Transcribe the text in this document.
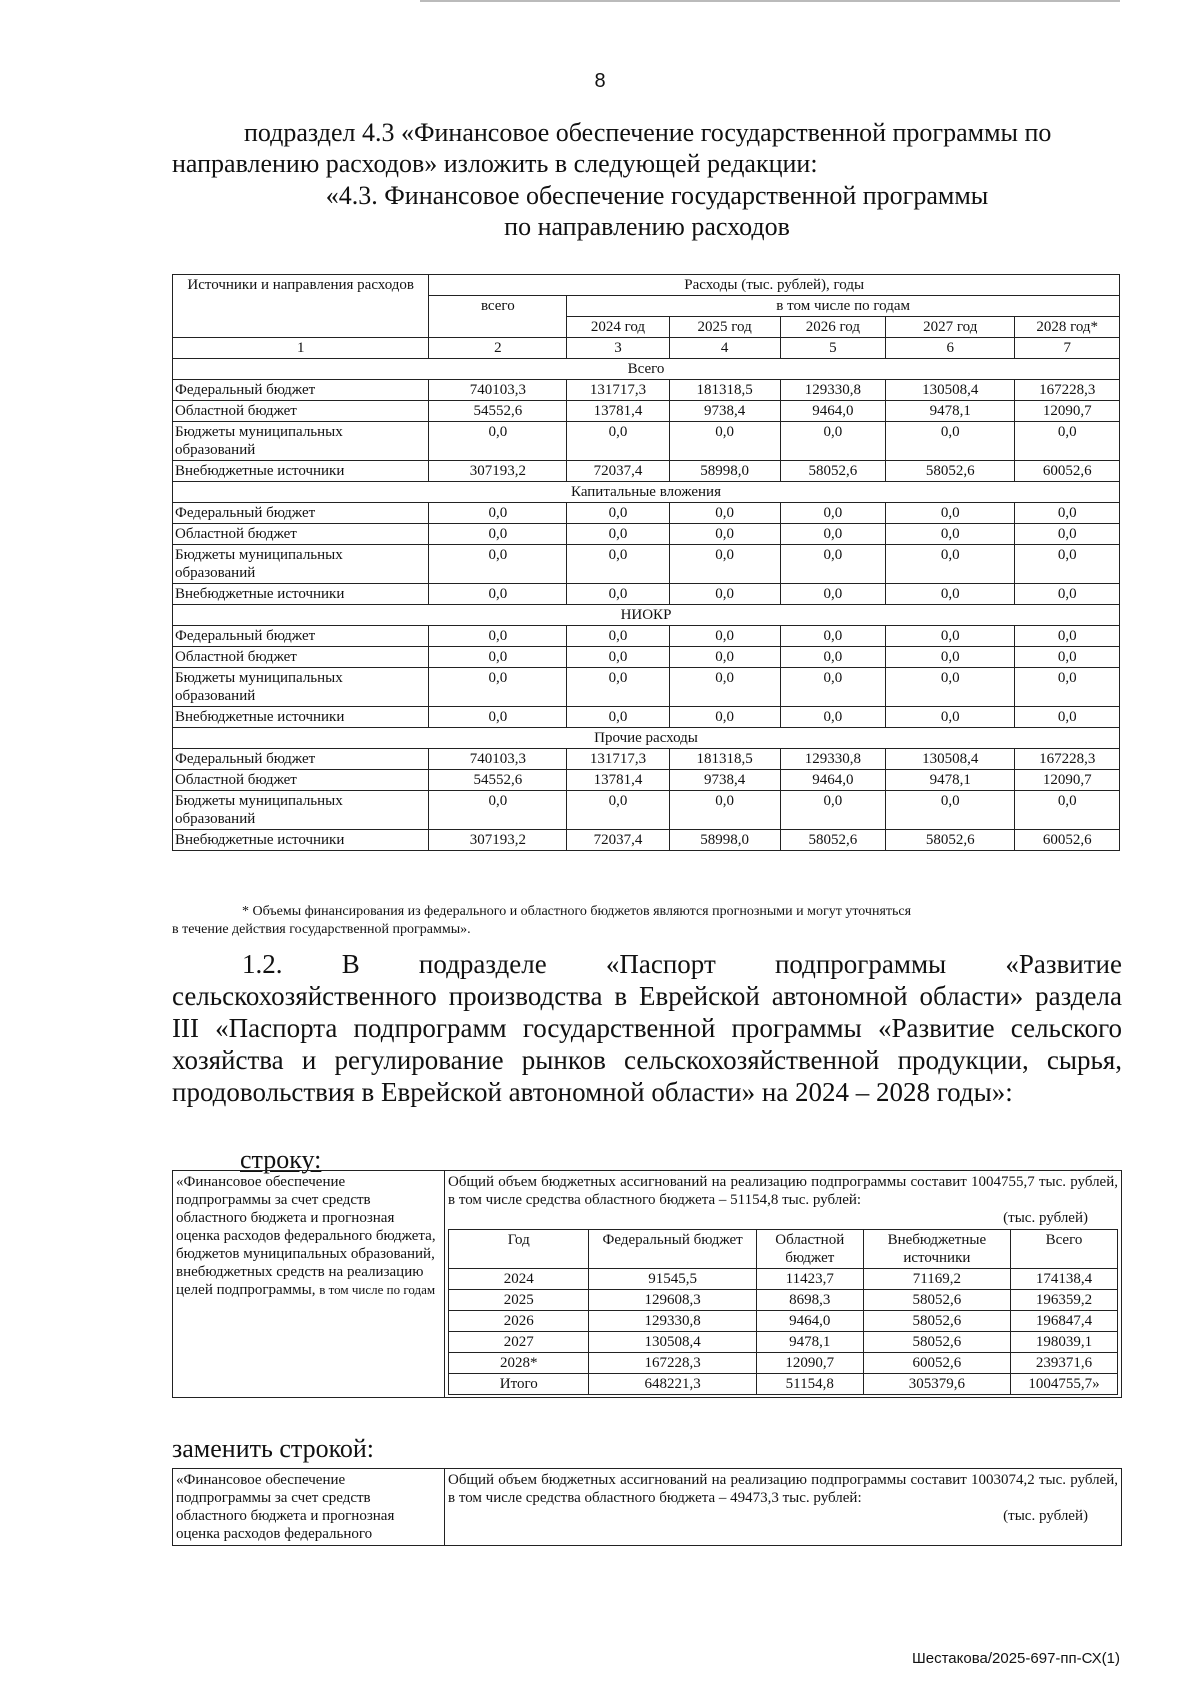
8
подраздел 4.3 «Финансовое обеспечение государственной программы по направлению расходов» изложить в следующей редакции:
«4.3. Финансовое обеспечение государственной программы
по направлению расходов
Источники и направления расходов	Расходы (тыс. рублей), годы					
	всего	в том числе по годам				
		2024 год	2025 год	2026 год	2027 год	2028 год*
1	2	3	4	5	6	7
Всего						
Федеральный бюджет	740103,3	131717,3	181318,5	129330,8	130508,4	167228,3
Областной бюджет	54552,6	13781,4	9738,4	9464,0	9478,1	12090,7
Бюджеты муниципальных образований	0,0	0,0	0,0	0,0	0,0	0,0
Внебюджетные источники	307193,2	72037,4	58998,0	58052,6	58052,6	60052,6
Капитальные вложения						
Федеральный бюджет	0,0	0,0	0,0	0,0	0,0	0,0
Областной бюджет	0,0	0,0	0,0	0,0	0,0	0,0
Бюджеты муниципальных образований	0,0	0,0	0,0	0,0	0,0	0,0
Внебюджетные источники	0,0	0,0	0,0	0,0	0,0	0,0
НИОКР						
Федеральный бюджет	0,0	0,0	0,0	0,0	0,0	0,0
Областной бюджет	0,0	0,0	0,0	0,0	0,0	0,0
Бюджеты муниципальных образований	0,0	0,0	0,0	0,0	0,0	0,0
Внебюджетные источники	0,0	0,0	0,0	0,0	0,0	0,0
Прочие расходы						
Федеральный бюджет	740103,3	131717,3	181318,5	129330,8	130508,4	167228,3
Областной бюджет	54552,6	13781,4	9738,4	9464,0	9478,1	12090,7
Бюджеты муниципальных образований	0,0	0,0	0,0	0,0	0,0	0,0
Внебюджетные источники	307193,2	72037,4	58998,0	58052,6	58052,6	60052,6
* Объемы финансирования из федерального и областного бюджетов являются прогнозными и могут уточняться
в течение действия государственной программы».
1.2. В подразделе «Паспорт подпрограммы «Развитие сельскохозяйственного производства в Еврейской автономной области» раздела III «Паспорта подпрограмм государственной программы «Развитие сельского хозяйства и регулирование рынков сельскохозяйственной продукции, сырья, продовольствия в Еврейской автономной области» на 2024 – 2028 годы»:
строку:
«Финансовое обеспечение подпрограммы за счет средств областного бюджета и прогнозная оценка расходов федерального бюджета, бюджетов муниципальных образований, внебюджетных средств на реализацию целей подпрограммы, в том числе по годам	
Общий объем бюджетных ассигнований на реализацию подпрограммы составит 1004755,7 тыс. рублей, в том числе средства областного бюджета – 51154,8 тыс. рублей:
(тыс. рублей)
Год	Федеральный бюджет	Областной бюджет	Внебюджетные источники	Всего
2024	91545,5	11423,7	71169,2	174138,4
2025	129608,3	8698,3	58052,6	196359,2
2026	129330,8	9464,0	58052,6	196847,4
2027	130508,4	9478,1	58052,6	198039,1
2028*	167228,3	12090,7	60052,6	239371,6
Итого	648221,3	51154,8	305379,6	1004755,7»
заменить строкой:
«Финансовое обеспечение подпрограммы за счет средств областного бюджета и прогнозная оценка расходов федерального	
Общий объем бюджетных ассигнований на реализацию подпрограммы составит 1003074,2 тыс. рублей, в том числе средства областного бюджета – 49473,3 тыс. рублей:
(тыс. рублей)
Шестакова/2025-697-пп-СХ(1)
